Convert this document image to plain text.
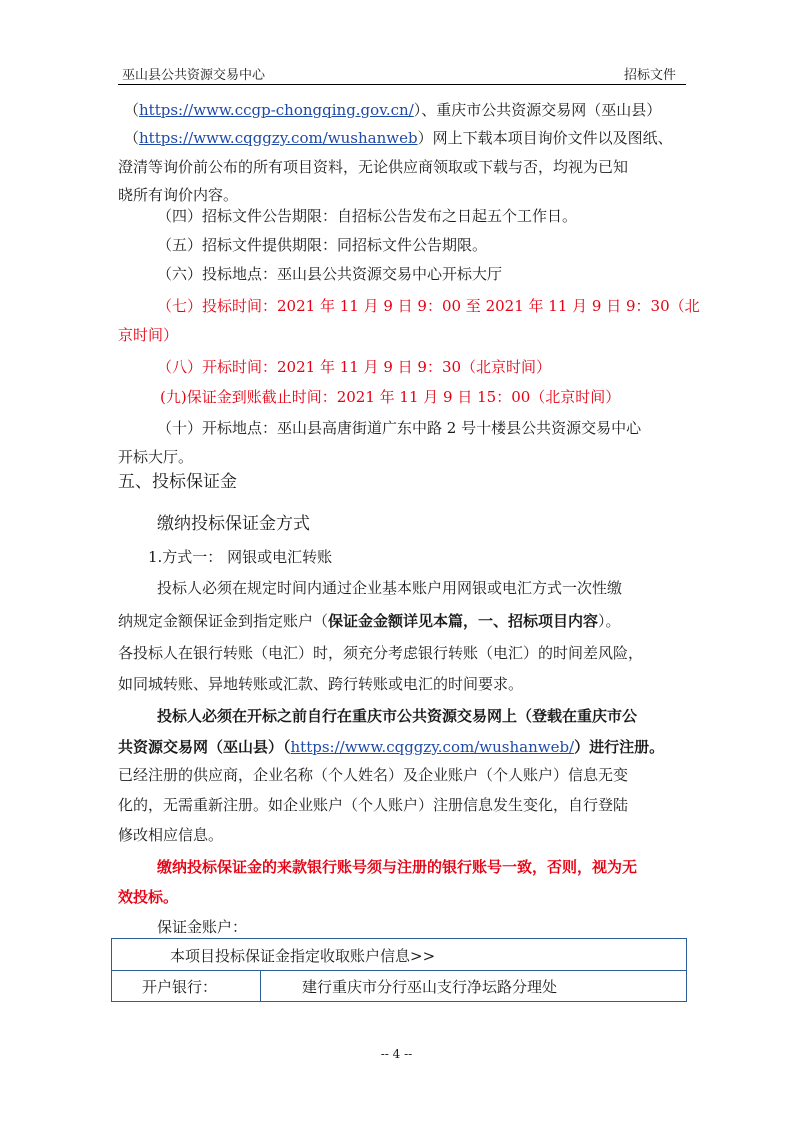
巫山县公共资源交易中心	招标文件
（https://www.ccgp-chongqing.gov.cn/）、重庆市公共资源交易网（巫山县）
（https://www.cqggzy.com/wushanweb）网上下载本项目询价文件以及图纸、
澄清等询价前公布的所有项目资料，无论供应商领取或下载与否，均视为已知
晓所有询价内容。
（四）招标文件公告期限：自招标公告发布之日起五个工作日。
（五）招标文件提供期限：同招标文件公告期限。
（六）投标地点：巫山县公共资源交易中心开标大厅
（七）投标时间：2021 年 11 月 9 日 9：00 至 2021 年 11 月 9 日 9：30（北
京时间）
（八）开标时间：2021 年 11 月 9 日 9：30（北京时间）
(九)保证金到账截止时间：2021 年 11 月 9 日 15：00（北京时间）
（十）开标地点：巫山县高唐街道广东中路 2 号十楼县公共资源交易中心
开标大厅。
五、投标保证金
缴纳投标保证金方式
1.方式一： 网银或电汇转账
投标人必须在规定时间内通过企业基本账户用网银或电汇方式一次性缴
纳规定金额保证金到指定账户（保证金金额详见本篇，一、招标项目内容）。
各投标人在银行转账（电汇）时，须充分考虑银行转账（电汇）的时间差风险，
如同城转账、异地转账或汇款、跨行转账或电汇的时间要求。
投标人必须在开标之前自行在重庆市公共资源交易网上（登载在重庆市公
共资源交易网（巫山县）（https://www.cqggzy.com/wushanweb/）进行注册。
已经注册的供应商，企业名称（个人姓名）及企业账户（个人账户）信息无变
化的，无需重新注册。如企业账户（个人账户）注册信息发生变化，自行登陆
修改相应信息。
缴纳投标保证金的来款银行账号须与注册的银行账号一致，否则，视为无
效投标。
保证金账户：
本项目投标保证金指定收取账户信息>>
开户银行：	建行重庆市分行巫山支行净坛路分理处
-- 4 --
